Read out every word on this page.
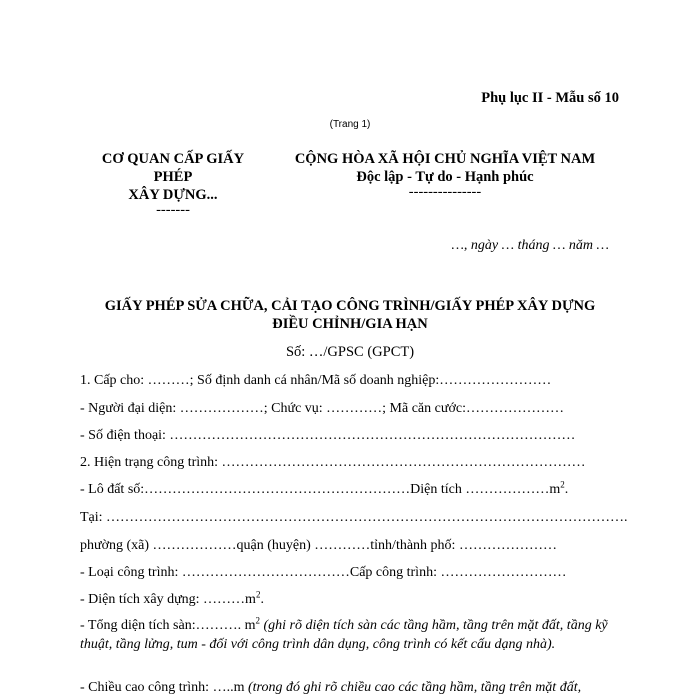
Phụ lục II - Mẫu số 10
(Trang 1)
CƠ QUAN CẤP GIẤY
PHÉP
XÂY DỰNG...
-------
CỘNG HÒA XÃ HỘI CHỦ NGHĨA VIỆT NAM
Độc lập - Tự do - Hạnh phúc
---------------
…, ngày … tháng … năm …
GIẤY PHÉP SỬA CHỮA, CẢI TẠO CÔNG TRÌNH/GIẤY PHÉP XÂY DỰNG
ĐIỀU CHỈNH/GIA HẠN
Số: …/GPSC (GPCT)
1. Cấp cho: ………; Số định danh cá nhân/Mã số doanh nghiệp:……………………
- Người đại diện: ………………; Chức vụ: …………; Mã căn cước:…………………
- Số điện thoại: ……………………………………………………………………………
2. Hiện trạng công trình: ……………………………………………………………………
- Lô đất số:…………………………………………………Diện tích $\dots\dots\dots\dots\dots\dots m^2$.
Tại: ………………………………………………………………………………………………….
phường (xã) ………………quận (huyện) …………tỉnh/thành phố: …………………
- Loại công trình: ………………………………Cấp công trình: ………………………
- Diện tích xây dựng: $\dots\dots\dots m^2$.
- Tổng diện tích sàn:………. $m^2$ (ghi rõ diện tích sàn các tầng hầm, tầng trên mặt đất, tầng kỹ thuật, tầng lửng, tum - đối với công trình dân dụng, công trình có kết cấu dạng nhà).
- Chiều cao công trình: …..m (trong đó ghi rõ chiều cao các tầng hầm, tầng trên mặt đất,
